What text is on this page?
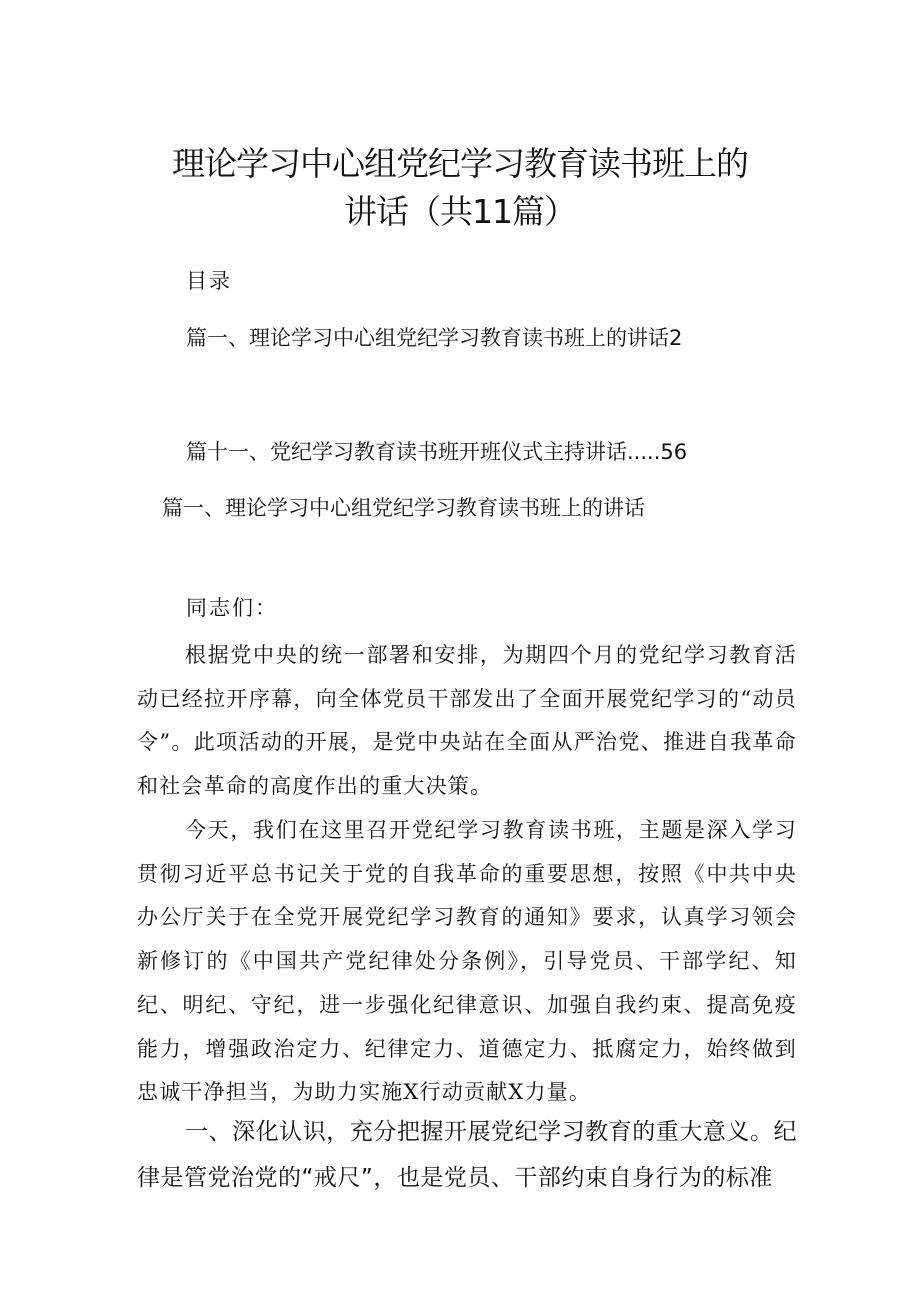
理论学习中心组党纪学习教育读书班上的
讲话（共11篇）
目录
篇一、理论学习中心组党纪学习教育读书班上的讲话2
篇十一、党纪学习教育读书班开班仪式主持讲话.....56
篇一、理论学习中心组党纪学习教育读书班上的讲话
同志们：

根据党中央的统一部署和安排，为期四个月的党纪学习教育活动已经拉开序幕，向全体党员干部发出了全面开展党纪学习的“动员令”。此项活动的开展，是党中央站在全面从严治党、推进自我革命和社会革命的高度作出的重大决策。

今天，我们在这里召开党纪学习教育读书班，主题是深入学习贯彻习近平总书记关于党的自我革命的重要思想，按照《中共中央办公厅关于在全党开展党纪学习教育的通知》要求，认真学习领会新修订的《中国共产党纪律处分条例》，引导党员、干部学纪、知纪、明纪、守纪，进一步强化纪律意识、加强自我约束、提高免疫能力，增强政治定力、纪律定力、道德定力、抵腐定力，始终做到忠诚干净担当，为助力实施X行动贡献X力量。

一、深化认识，充分把握开展党纪学习教育的重大意义。纪律是管党治党的“戒尺”，也是党员、干部约束自身行为的标准
